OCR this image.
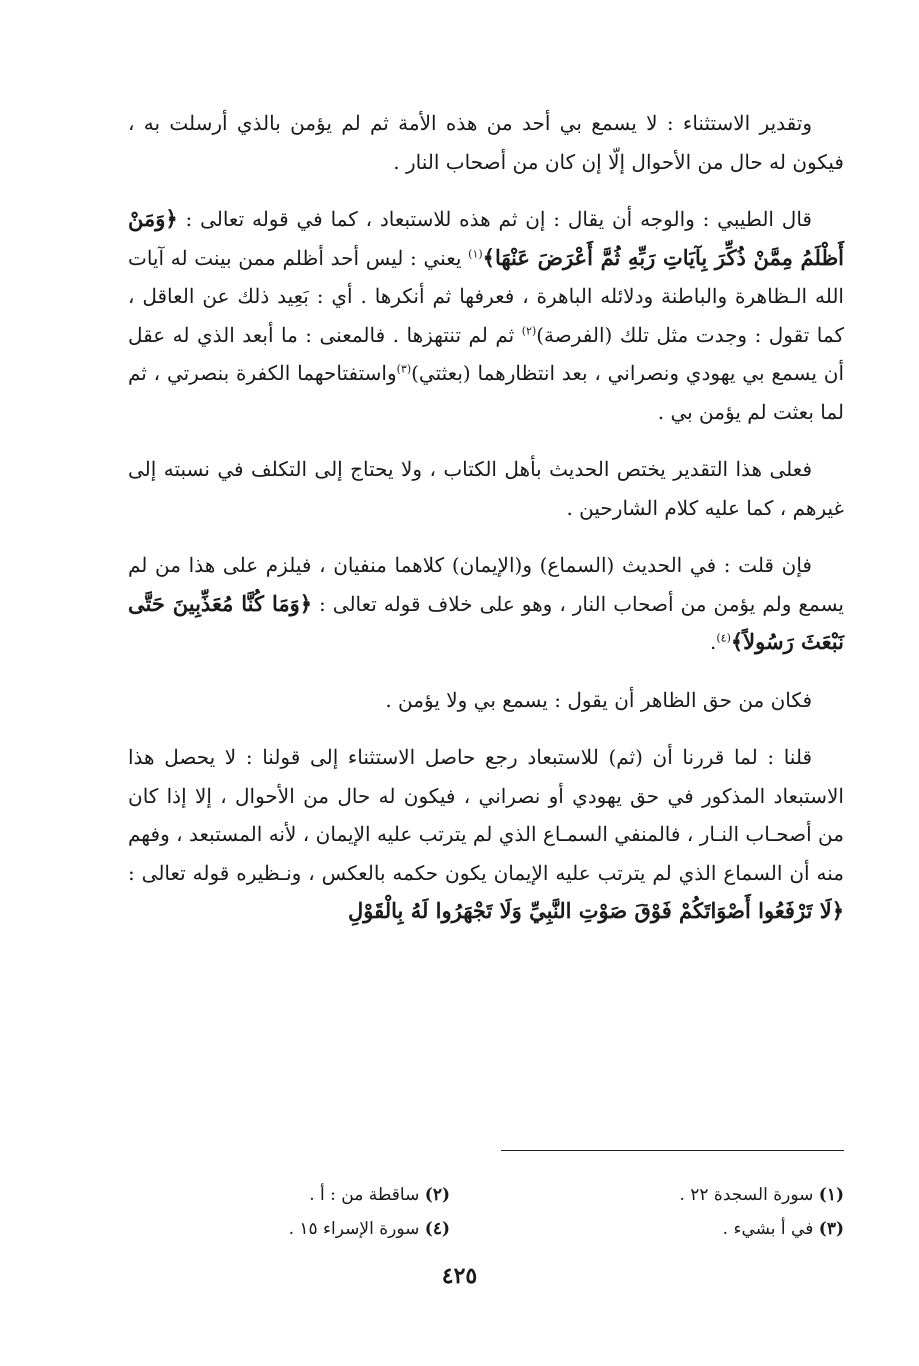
وتقدير الاستثناء : لا يسمع بي أحد من هذه الأمة ثم لم يؤمن بالذي أرسلت به ، فيكون له حال من الأحوال إلّا إن كان من أصحاب النار .

قال الطيبي : والوجه أن يقال : إن ثم هذه للاستبعاد ، كما في قوله تعالى : ﴿وَمَنْ أَظْلَمُ مِمَّنْ ذُكِّرَ بِآيَاتِ رَبِّهِ ثُمَّ أَعْرَضَ عَنْهَا﴾$^{(١)}$ يعني : ليس أحد أظلم ممن بينت له آيات الله الـظاهرة والباطنة ودلائله الباهرة ، فعرفها ثم أنكرها . أي : بَعِيد ذلك عن العاقل ، كما تقول : وجدت مثل تلك (الفرصة)$^{(٢)}$ ثم لم تنتهزها . فالمعنى : ما أبعد الذي له عقل أن يسمع بي يهودي ونصراني ، بعد انتظارهما (بعثتي)$^{(٣)}$واستفتاحهما الكفرة بنصرتي ، ثم لما بعثت لم يؤمن بي .

فعلى هذا التقدير يختص الحديث بأهل الكتاب ، ولا يحتاج إلى التكلف في نسبته إلى غيرهم ، كما عليه كلام الشارحين .

فإن قلت : في الحديث (السماع) و(الإيمان) كلاهما منفيان ، فيلزم على هذا من لم يسمع ولم يؤمن من أصحاب النار ، وهو على خلاف قوله تعالى : ﴿وَمَا كُنَّا مُعَذِّبِينَ حَتَّى نَبْعَثَ رَسُولاً﴾$^{(٤)}$.

فكان من حق الظاهر أن يقول : يسمع بي ولا يؤمن .

قلنا : لما قررنا أن (ثم) للاستبعاد رجع حاصل الاستثناء إلى قولنا : لا يحصل هذا الاستبعاد المذكور في حق يهودي أو نصراني ، فيكون له حال من الأحوال ، إلا إذا كان من أصحـاب النـار ، فالمنفي السمـاع الذي لم يترتب عليه الإيمان ، لأنه المستبعد ، وفهم منه أن السماع الذي لم يترتب عليه الإيمان يكون حكمه بالعكس ، ونـظيره قوله تعالى : ﴿لَا تَرْفَعُوا أَصْوَاتَكُمْ فَوْقَ صَوْتِ النَّبِيِّ وَلَا تَجْهَرُوا لَهُ بِالْقَوْلِ

(١) سورة السجدة ٢٢ .
(٢) ساقطة من : أ .
(٣) في أ بشيء .
(٤) سورة الإسراء ١٥ .
٤٢٥
